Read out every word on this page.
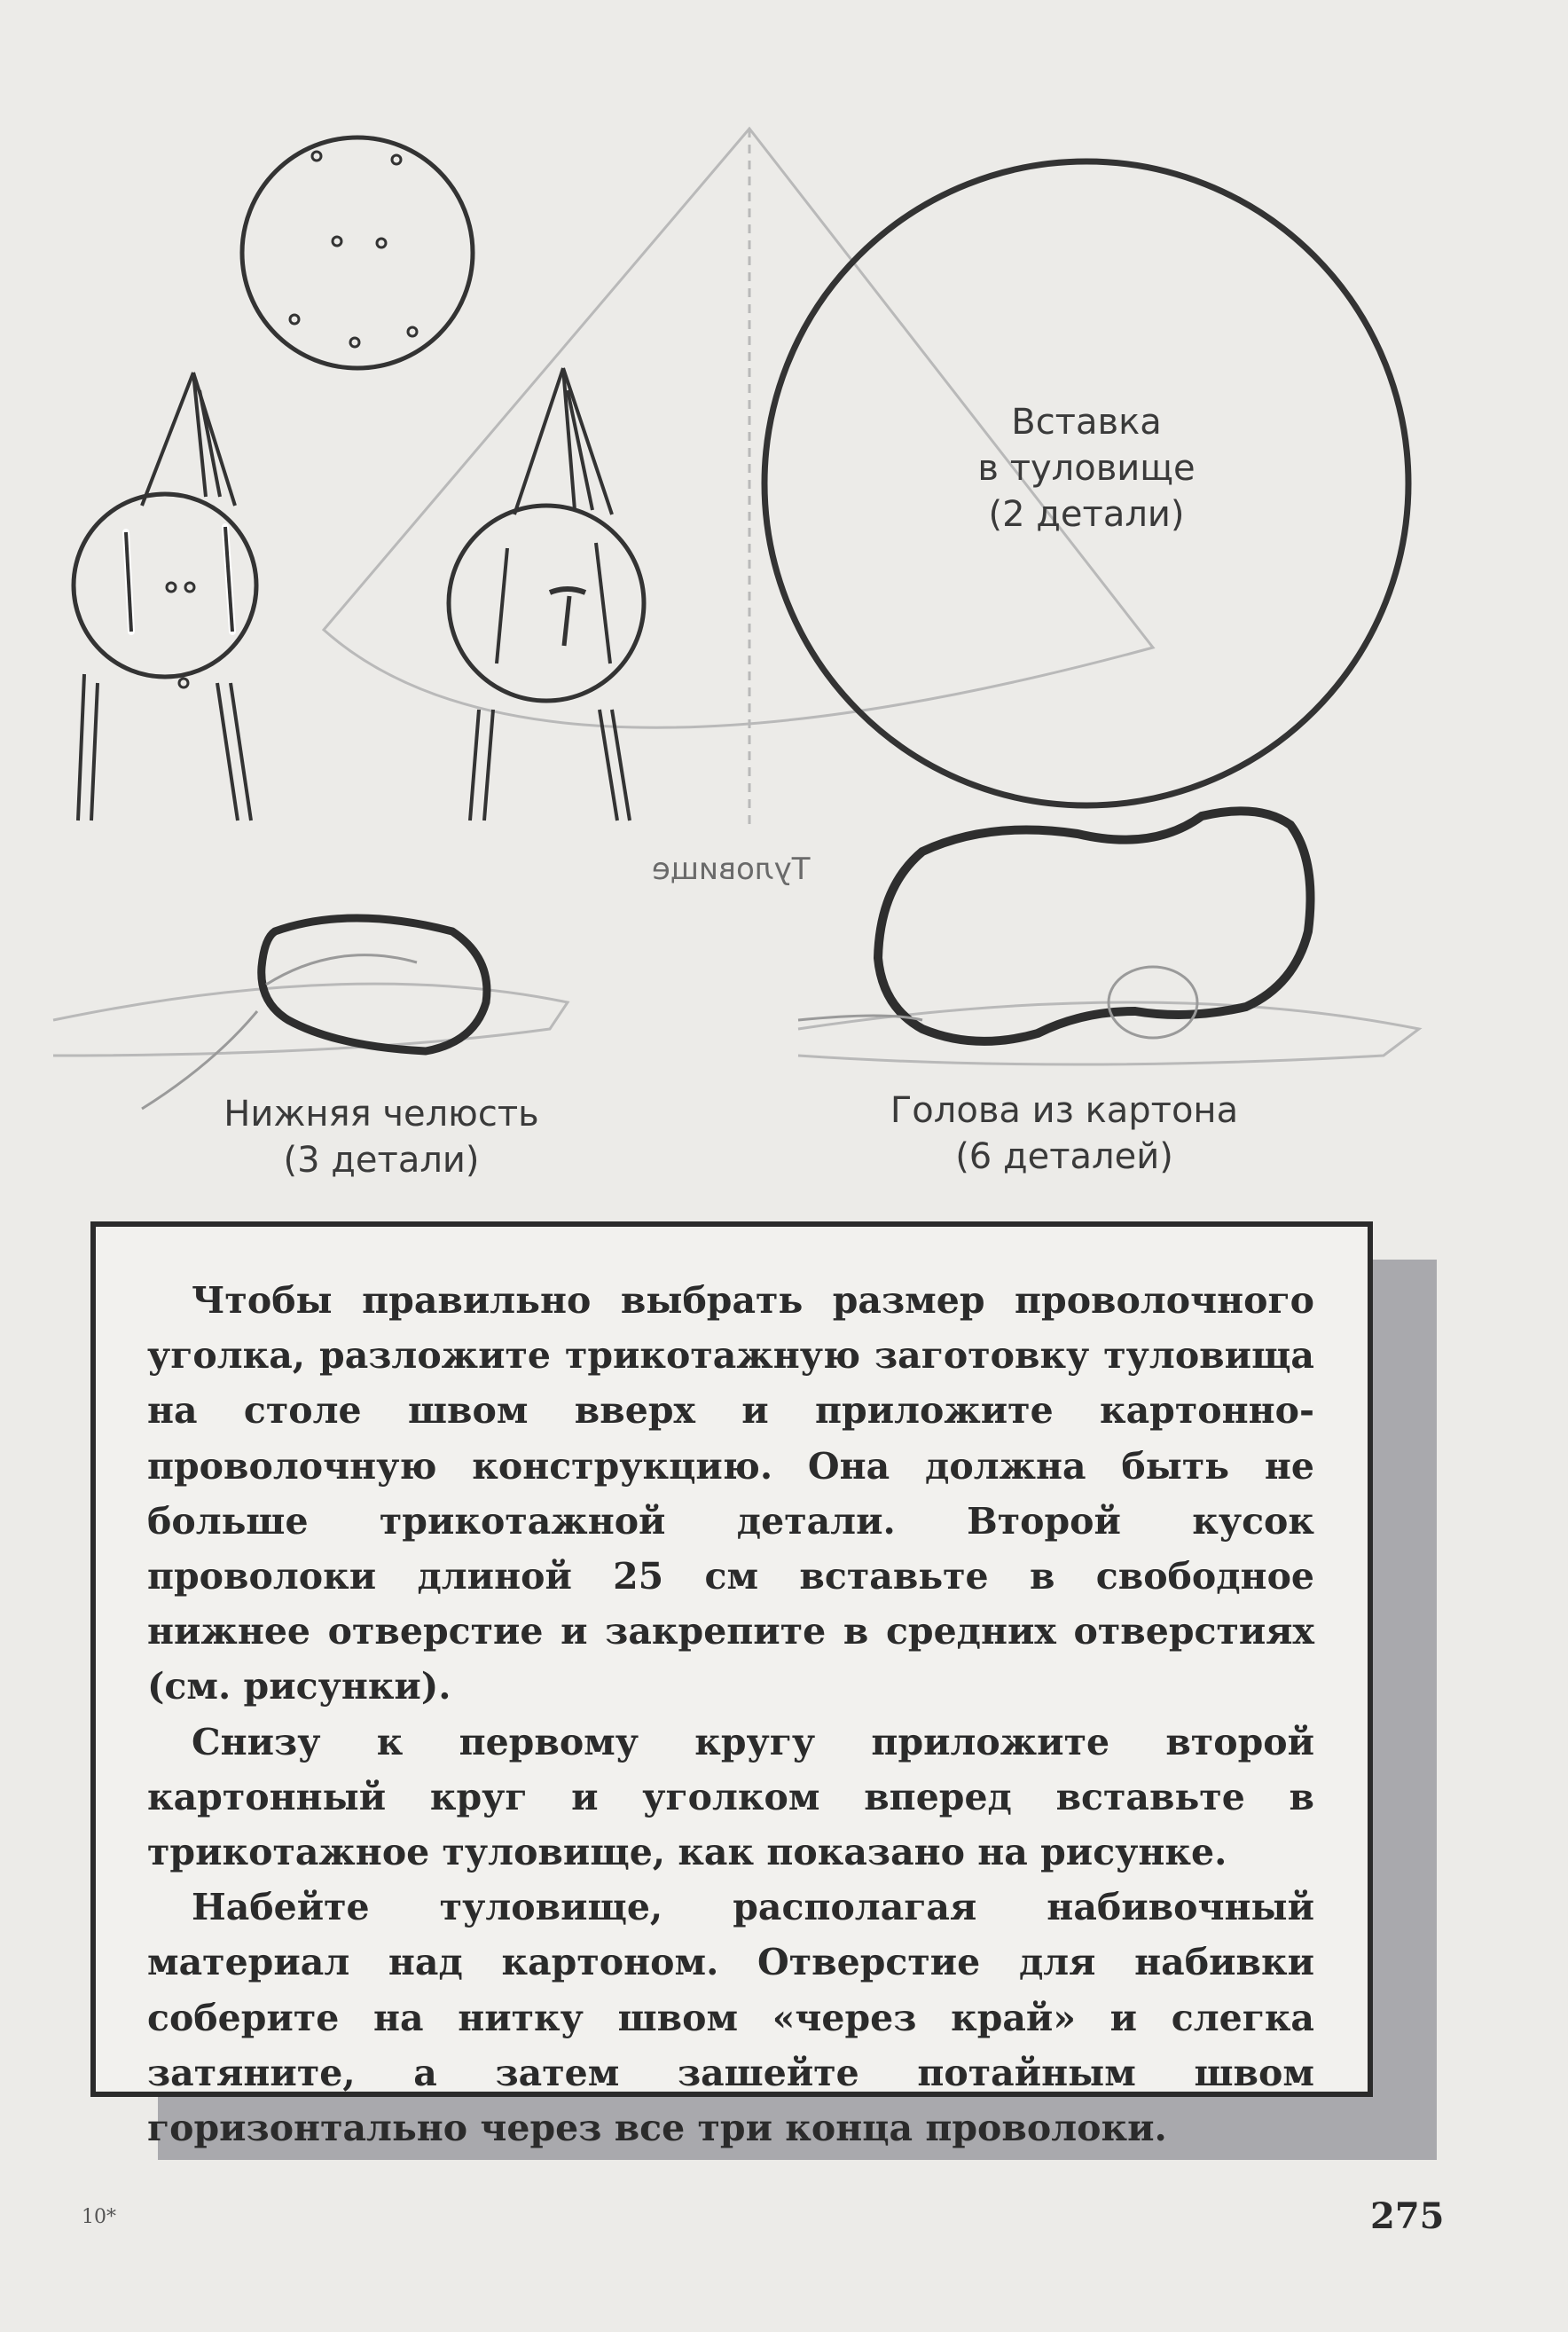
Вставка
в туловище
(2 детали)
Туловище
Нижняя челюсть
(3 детали)
Голова из картона
(6 деталей)

Чтобы правильно выбрать размер проволочного уголка, разложите трикотажную заготовку туловища на столе швом вверх и приложите картонно-проволочную конструкцию. Она должна быть не больше трикотажной детали. Второй кусок проволоки длиной 25 см вставьте в свободное нижнее отверстие и закрепите в средних отверстиях (см. рисунки).

Снизу к первому кругу приложите второй картонный круг и уголком вперед вставьте в трикотажное туловище, как показано на рисунке.

Набейте туловище, располагая набивочный материал над картоном. Отверстие для набивки соберите на нитку швом «через край» и слегка затяните, а затем зашейте потайным швом горизонтально через все три конца проволоки.

10*	275
